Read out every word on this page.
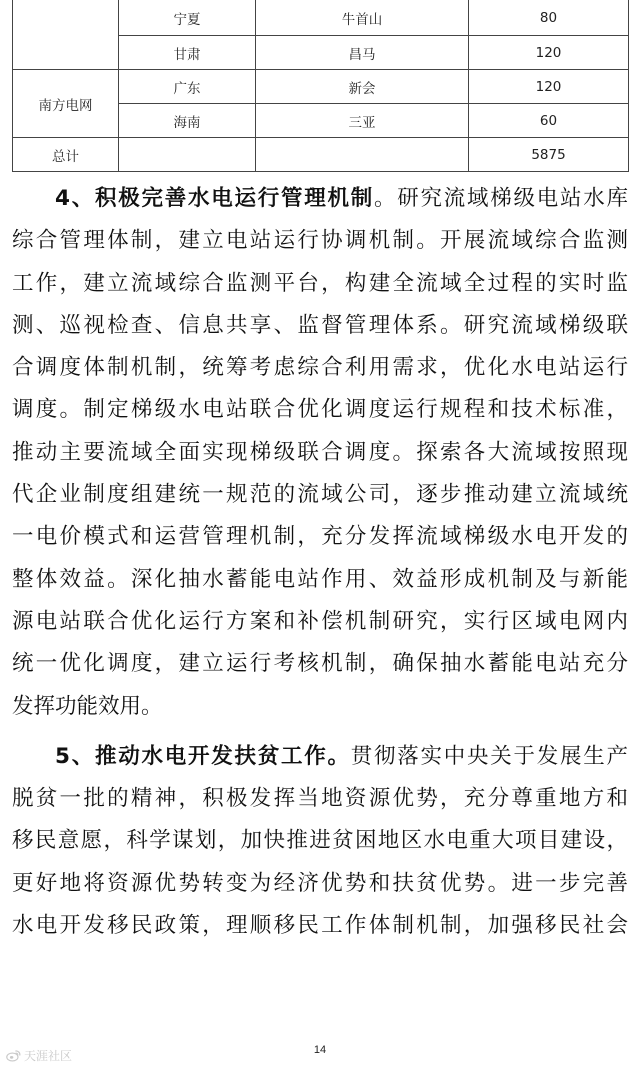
	宁夏	牛首山	80
	甘肃	昌马	120
南方电网	广东	新会	120
	海南	三亚	60
总计			5875

4、积极完善水电运行管理机制。研究流域梯级电站水库

综合管理体制，建立电站运行协调机制。开展流域综合监测

工作，建立流域综合监测平台，构建全流域全过程的实时监

测、巡视检查、信息共享、监督管理体系。研究流域梯级联

合调度体制机制，统筹考虑综合利用需求，优化水电站运行

调度。制定梯级水电站联合优化调度运行规程和技术标准，

推动主要流域全面实现梯级联合调度。探索各大流域按照现

代企业制度组建统一规范的流域公司，逐步推动建立流域统

一电价模式和运营管理机制，充分发挥流域梯级水电开发的

整体效益。深化抽水蓄能电站作用、效益形成机制及与新能

源电站联合优化运行方案和补偿机制研究，实行区域电网内

统一优化调度，建立运行考核机制，确保抽水蓄能电站充分

发挥功能效用。

5、推动水电开发扶贫工作。贯彻落实中央关于发展生产

脱贫一批的精神，积极发挥当地资源优势，充分尊重地方和

移民意愿，科学谋划，加快推进贫困地区水电重大项目建设，

更好地将资源优势转变为经济优势和扶贫优势。进一步完善

水电开发移民政策，理顺移民工作体制机制，加强移民社会

天涯社区	14
